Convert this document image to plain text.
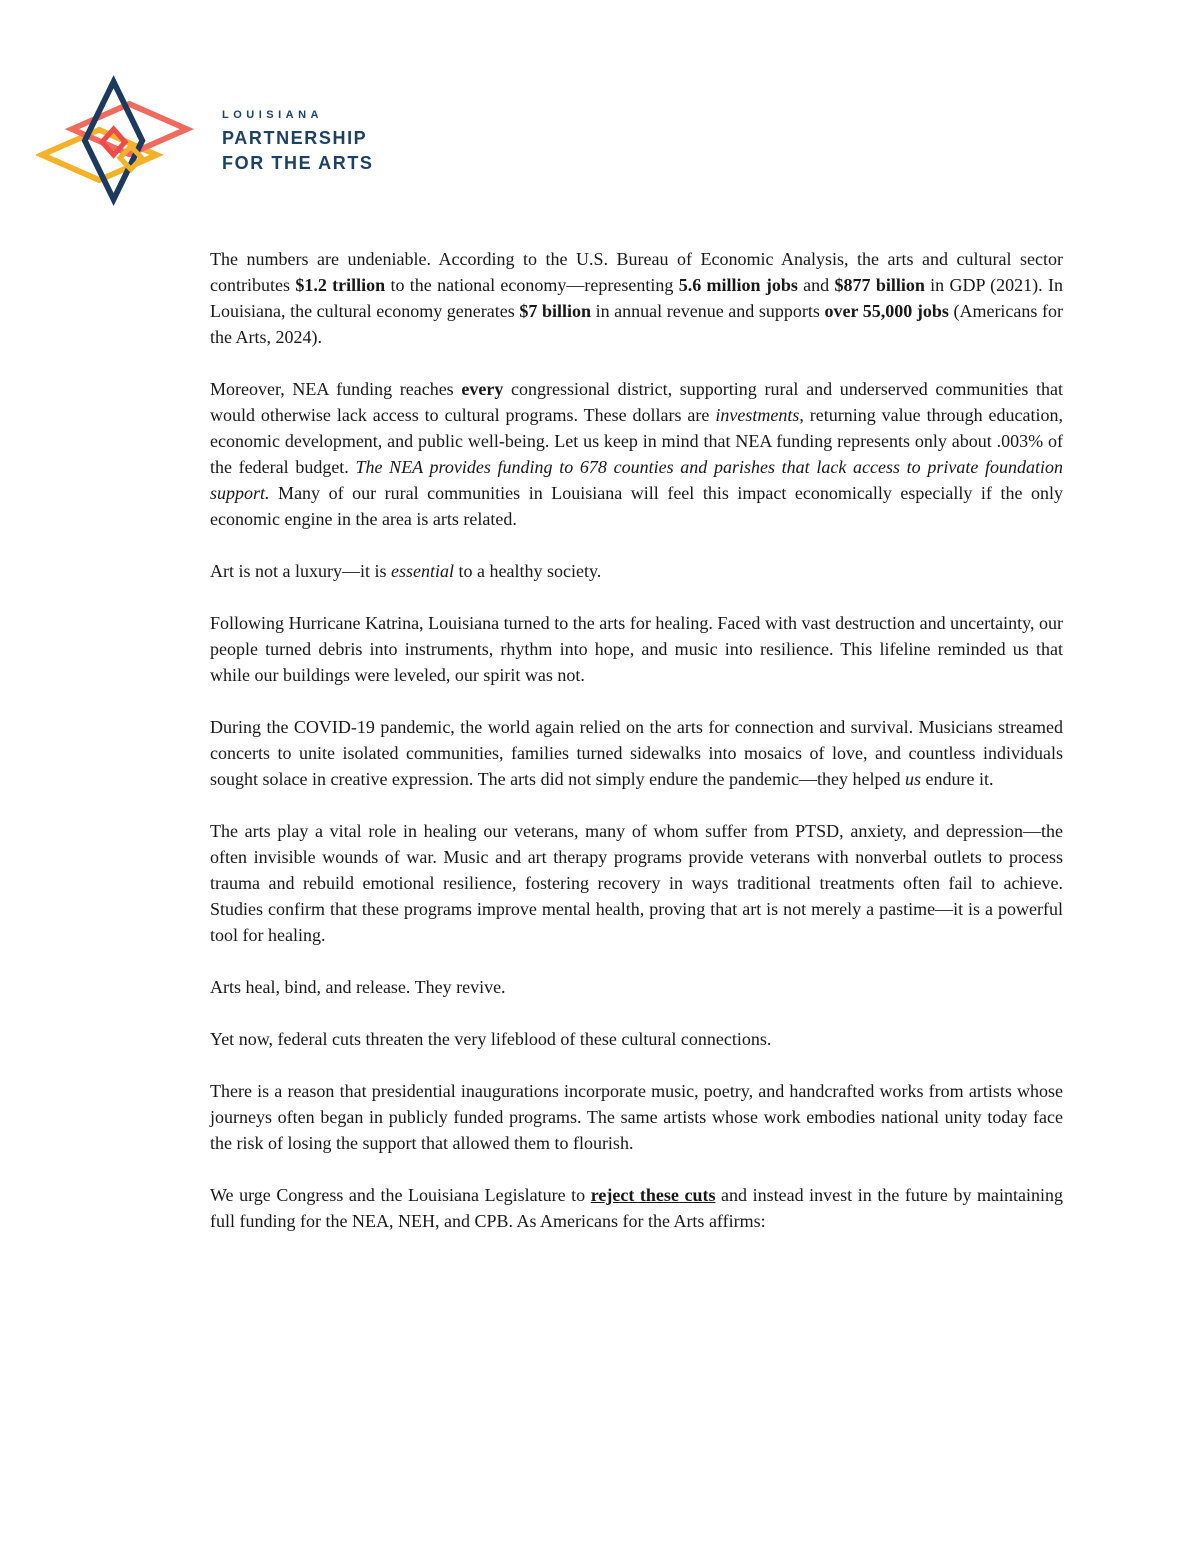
LOUISIANA
PARTNERSHIP
FOR THE ARTS

The numbers are undeniable. According to the U.S. Bureau of Economic Analysis, the arts and cultural sector contributes $1.2 trillion to the national economy—representing 5.6 million jobs and $877 billion in GDP (2021). In Louisiana, the cultural economy generates $7 billion in annual revenue and supports over 55,000 jobs (Americans for the Arts, 2024).

Moreover, NEA funding reaches every congressional district, supporting rural and underserved communities that would otherwise lack access to cultural programs. These dollars are investments, returning value through education, economic development, and public well-being. Let us keep in mind that NEA funding represents only about .003% of the federal budget. The NEA provides funding to 678 counties and parishes that lack access to private foundation support. Many of our rural communities in Louisiana will feel this impact economically especially if the only economic engine in the area is arts related.

Art is not a luxury—it is essential to a healthy society.

Following Hurricane Katrina, Louisiana turned to the arts for healing. Faced with vast destruction and uncertainty, our people turned debris into instruments, rhythm into hope, and music into resilience. This lifeline reminded us that while our buildings were leveled, our spirit was not.

During the COVID-19 pandemic, the world again relied on the arts for connection and survival. Musicians streamed concerts to unite isolated communities, families turned sidewalks into mosaics of love, and countless individuals sought solace in creative expression. The arts did not simply endure the pandemic—they helped us endure it.

The arts play a vital role in healing our veterans, many of whom suffer from PTSD, anxiety, and depression—the often invisible wounds of war. Music and art therapy programs provide veterans with nonverbal outlets to process trauma and rebuild emotional resilience, fostering recovery in ways traditional treatments often fail to achieve. Studies confirm that these programs improve mental health, proving that art is not merely a pastime—it is a powerful tool for healing.

Arts heal, bind, and release. They revive.

Yet now, federal cuts threaten the very lifeblood of these cultural connections.

There is a reason that presidential inaugurations incorporate music, poetry, and handcrafted works from artists whose journeys often began in publicly funded programs. The same artists whose work embodies national unity today face the risk of losing the support that allowed them to flourish.

We urge Congress and the Louisiana Legislature to reject these cuts and instead invest in the future by maintaining full funding for the NEA, NEH, and CPB. As Americans for the Arts affirms:
